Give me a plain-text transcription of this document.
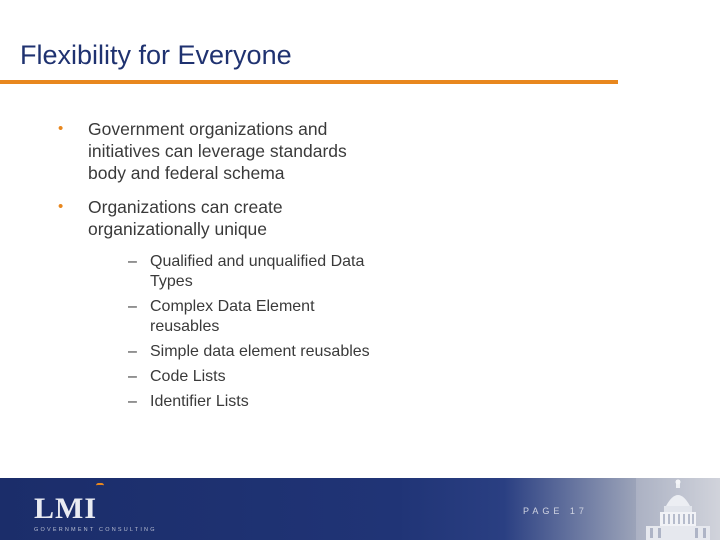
Flexibility for Everyone
• Government organizations and initiatives can leverage standards body and federal schema
• Organizations can create organizationally unique
– Qualified and unqualified Data Types
– Complex Data Element reusables
– Simple data element reusables
– Code Lists
– Identifier Lists
LMI
GOVERNMENT CONSULTING
PAGE 17
